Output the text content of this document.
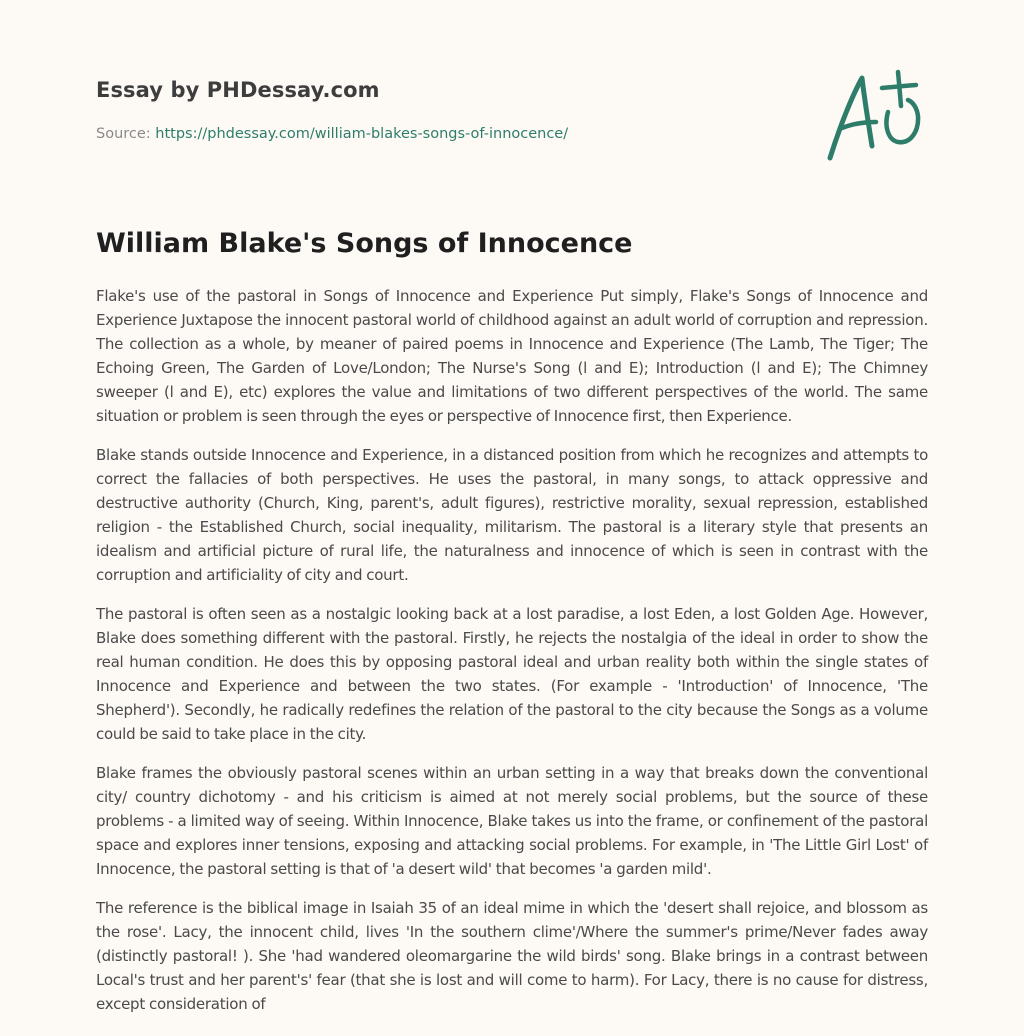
Essay by PHDessay.com
Source: https://phdessay.com/william-blakes-songs-of-innocence/
William Blake's Songs of Innocence

Flake's use of the pastoral in Songs of Innocence and Experience Put simply, Flake's Songs of Innocence and Experience Juxtapose the innocent pastoral world of childhood against an adult world of corruption and repression. The collection as a whole, by meaner of paired poems in Innocence and Experience (The Lamb, The Tiger; The Echoing Green, The Garden of Love/London; The Nurse's Song (l and E); Introduction (l and E); The Chimney sweeper (l and E), etc) explores the value and limitations of two different perspectives of the world. The same situation or problem is seen through the eyes or perspective of Innocence first, then Experience.

Blake stands outside Innocence and Experience, in a distanced position from which he recognizes and attempts to correct the fallacies of both perspectives. He uses the pastoral, in many songs, to attack oppressive and destructive authority (Church, King, parent's, adult figures), restrictive morality, sexual repression, established religion - the Established Church, social inequality, militarism. The pastoral is a literary style that presents an idealism and artificial picture of rural life, the naturalness and innocence of which is seen in contrast with the corruption and artificiality of city and court.

The pastoral is often seen as a nostalgic looking back at a lost paradise, a lost Eden, a lost Golden Age. However, Blake does something different with the pastoral. Firstly, he rejects the nostalgia of the ideal in order to show the real human condition. He does this by opposing pastoral ideal and urban reality both within the single states of Innocence and Experience and between the two states. (For example - 'Introduction' of Innocence, 'The Shepherd'). Secondly, he radically redefines the relation of the pastoral to the city because the Songs as a volume could be said to take place in the city.

Blake frames the obviously pastoral scenes within an urban setting in a way that breaks down the conventional city/ country dichotomy - and his criticism is aimed at not merely social problems, but the source of these problems - a limited way of seeing. Within Innocence, Blake takes us into the frame, or confinement of the pastoral space and explores inner tensions, exposing and attacking social problems. For example, in 'The Little Girl Lost' of Innocence, the pastoral setting is that of 'a desert wild' that becomes 'a garden mild'.

The reference is the biblical image in Isaiah 35 of an ideal mime in which the 'desert shall rejoice, and blossom as the rose'. Lacy, the innocent child, lives 'In the southern clime'/Where the summer's prime/Never fades away (distinctly pastoral! ). She 'had wandered oleomargarine the wild birds' song. Blake brings in a contrast between Local's trust and her parent's' fear (that she is lost and will come to harm). For Lacy, there is no cause for distress, except consideration of
